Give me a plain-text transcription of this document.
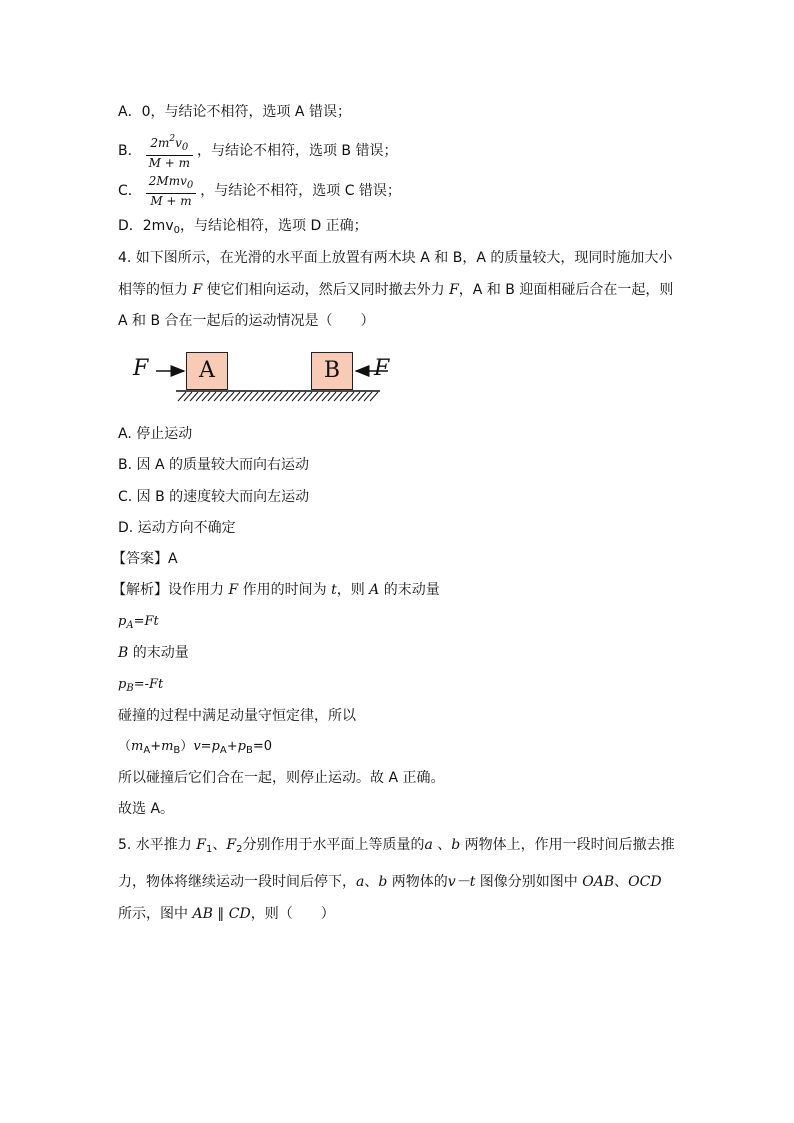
A．0，与结论不相符，选项 A 错误；
B． $\frac{2m^2v_0}{M + m}$ ，与结论不相符，选项 B 错误；
C． $\frac{2Mmv_0}{M + m}$ ，与结论不相符，选项 C 错误；
D．$2mv_0$，与结论相符，选项 D 正确；
4. 如下图所示，在光滑的水平面上放置有两木块 A 和 B，A 的质量较大，现同时施加大小
相等的恒力 F 使它们相向运动，然后又同时撤去外力 F，A 和 B 迎面相碰后合在一起，则
A 和 B 合在一起后的运动情况是（　　）
A	B
F	F
A. 停止运动
B. 因 A 的质量较大而向右运动
C. 因 B 的速度较大而向左运动
D. 运动方向不确定
【答案】A
【解析】设作用力 F 作用的时间为 t，则 A 的末动量
$p_A=Ft$
B 的末动量
$p_B=-Ft$
碰撞的过程中满足动量守恒定律，所以
$(m_A+m_B)v=p_A+p_B=0$
所以碰撞后它们合在一起，则停止运动。故 A 正确。
故选 A。
5. 水平推力 $F_1$、$F_2$分别作用于水平面上等质量的a 、b 两物体上，作用一段时间后撤去推
力，物体将继续运动一段时间后停下，a、b 两物体的v－t 图像分别如图中 OAB、OCD
所示，图中 AB ∥ CD，则（　　）
